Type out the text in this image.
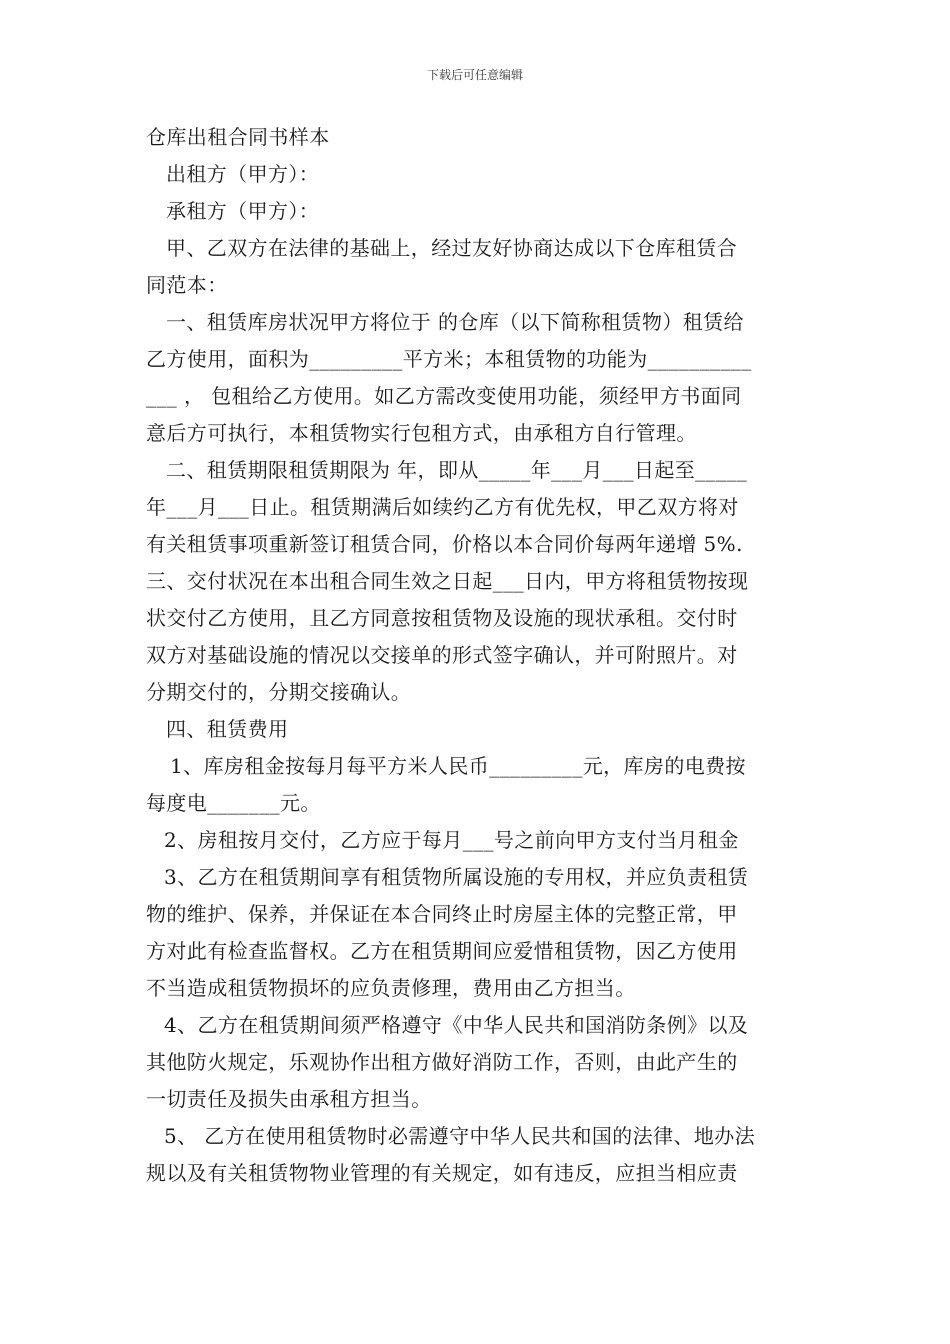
下载后可任意编辑
仓库出租合同书样本
出租方（甲方）：
承租方（甲方）：
甲、乙双方在法律的基础上，经过友好协商达成以下仓库租赁合
同范本：
一、租赁库房状况甲方将位于 的仓库（以下简称租赁物）租赁给
乙方使用，面积为_________平方米；本租赁物的功能为__________
___ ， 包租给乙方使用。如乙方需改变使用功能，须经甲方书面同
意后方可执行，本租赁物实行包租方式，由承租方自行管理。
二、租赁期限租赁期限为 年，即从_____年___月___日起至_____
年___月___日止。租赁期满后如续约乙方有优先权，甲乙双方将对
有关租赁事项重新签订租赁合同，价格以本合同价每两年递增 5%.
三、交付状况在本出租合同生效之日起___日内，甲方将租赁物按现
状交付乙方使用，且乙方同意按租赁物及设施的现状承租。交付时
双方对基础设施的情况以交接单的形式签字确认，并可附照片。对
分期交付的，分期交接确认。
四、租赁费用
1、库房租金按每月每平方米人民币_________元，库房的电费按
每度电_______元。
2、房租按月交付，乙方应于每月___号之前向甲方支付当月租金
3、乙方在租赁期间享有租赁物所属设施的专用权，并应负责租赁
物的维护、保养，并保证在本合同终止时房屋主体的完整正常，甲
方对此有检查监督权。乙方在租赁期间应爱惜租赁物，因乙方使用
不当造成租赁物损坏的应负责修理，费用由乙方担当。
4、乙方在租赁期间须严格遵守《中华人民共和国消防条例》以及
其他防火规定，乐观协作出租方做好消防工作，否则，由此产生的
一切责任及损失由承租方担当。
5、 乙方在使用租赁物时必需遵守中华人民共和国的法律、地办法
规以及有关租赁物物业管理的有关规定，如有违反，应担当相应责
